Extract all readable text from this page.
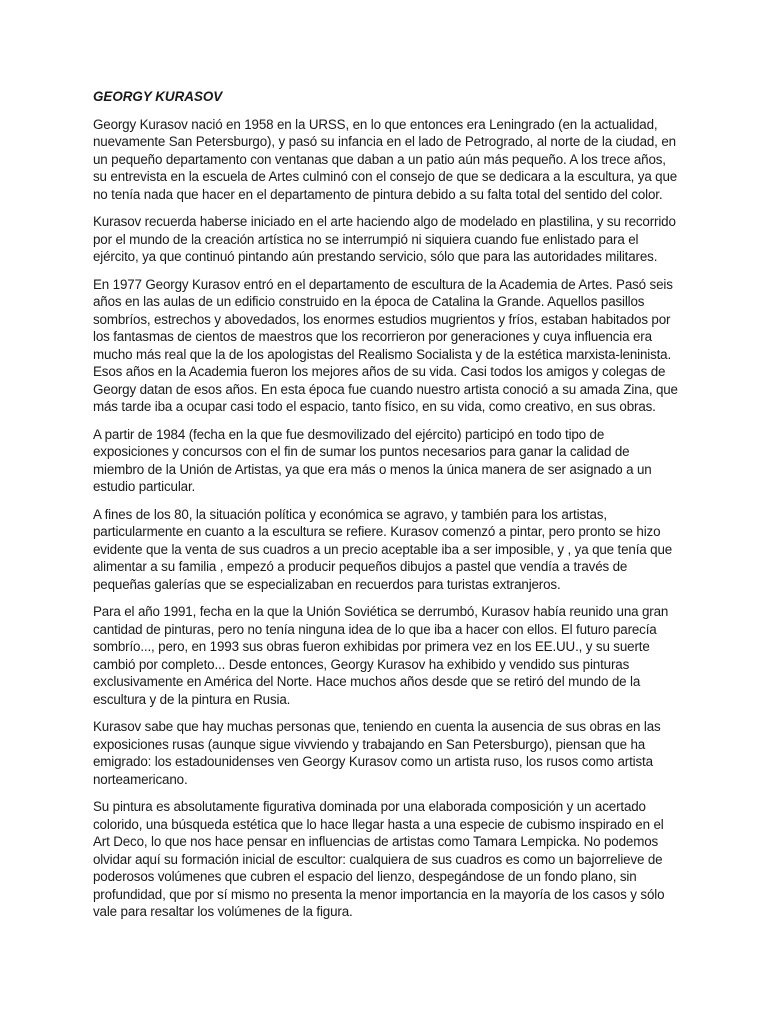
GEORGY KURASOV

Georgy Kurasov nació en 1958 en la URSS, en lo que entonces era Leningrado (en la actualidad, nuevamente San Petersburgo), y pasó su infancia en el lado de Petrogrado, al norte de la ciudad, en un pequeño departamento con ventanas que daban a un patio aún más pequeño. A los trece años, su entrevista en la escuela de Artes culminó con el consejo de que se dedicara a la escultura, ya que no tenía nada que hacer en el departamento de pintura debido a su falta total del sentido del color.

Kurasov recuerda haberse iniciado en el arte haciendo algo de modelado en plastilina, y su recorrido por el mundo de la creación artística no se interrumpió ni siquiera cuando fue enlistado para el ejército, ya que continuó pintando aún prestando servicio, sólo que para las autoridades militares.

En 1977 Georgy Kurasov entró en el departamento de escultura de la Academia de Artes. Pasó seis años en las aulas de un edificio construido en la época de Catalina la Grande. Aquellos pasillos sombríos, estrechos y abovedados, los enormes estudios mugrientos y fríos, estaban habitados por los fantasmas de cientos de maestros que los recorrieron por generaciones y cuya influencia era mucho más real que la de los apologistas del Realismo Socialista y de la estética marxista-leninista. Esos años en la Academia fueron los mejores años de su vida. Casi todos los amigos y colegas de Georgy datan de esos años. En esta época fue cuando nuestro artista conoció a su amada Zina, que más tarde iba a ocupar casi todo el espacio, tanto físico, en su vida, como creativo, en sus obras.

A partir de 1984 (fecha en la que fue desmovilizado del ejército) participó en todo tipo de exposiciones y concursos con el fin de sumar los puntos necesarios para ganar la calidad de miembro de la Unión de Artistas, ya que era más o menos la única manera de ser asignado a un estudio particular.

A fines de los 80, la situación política y económica se agravo, y también para los artistas, particularmente en cuanto a la escultura se refiere. Kurasov comenzó a pintar, pero pronto se hizo evidente que la venta de sus cuadros a un precio aceptable iba a ser imposible, y , ya que tenía que alimentar a su familia , empezó a producir pequeños dibujos a pastel que vendía a través de pequeñas galerías que se especializaban en recuerdos para turistas extranjeros.

Para el año 1991, fecha en la que la Unión Soviética se derrumbó, Kurasov había reunido una gran cantidad de pinturas, pero no tenía ninguna idea de lo que iba a hacer con ellos. El futuro parecía sombrío..., pero, en 1993 sus obras fueron exhibidas por primera vez en los EE.UU., y su suerte cambió por completo... Desde entonces, Georgy Kurasov ha exhibido y vendido sus pinturas exclusivamente en América del Norte. Hace muchos años desde que se retiró del mundo de la escultura y de la pintura en Rusia.

Kurasov sabe que hay muchas personas que, teniendo en cuenta la ausencia de sus obras en las exposiciones rusas (aunque sigue vivviendo y trabajando en San Petersburgo), piensan que ha emigrado: los estadounidenses ven Georgy Kurasov como un artista ruso, los rusos como artista norteamericano.

Su pintura es absolutamente figurativa dominada por una elaborada composición y un acertado colorido, una búsqueda estética que lo hace llegar hasta a una especie de cubismo inspirado en el Art Deco, lo que nos hace pensar en influencias de artistas como Tamara Lempicka. No podemos olvidar aquí su formación inicial de escultor: cualquiera de sus cuadros es como un bajorrelieve de poderosos volúmenes que cubren el espacio del lienzo, despegándose de un fondo plano, sin profundidad, que por sí mismo no presenta la menor importancia en la mayoría de los casos y sólo vale para resaltar los volúmenes de la figura.
